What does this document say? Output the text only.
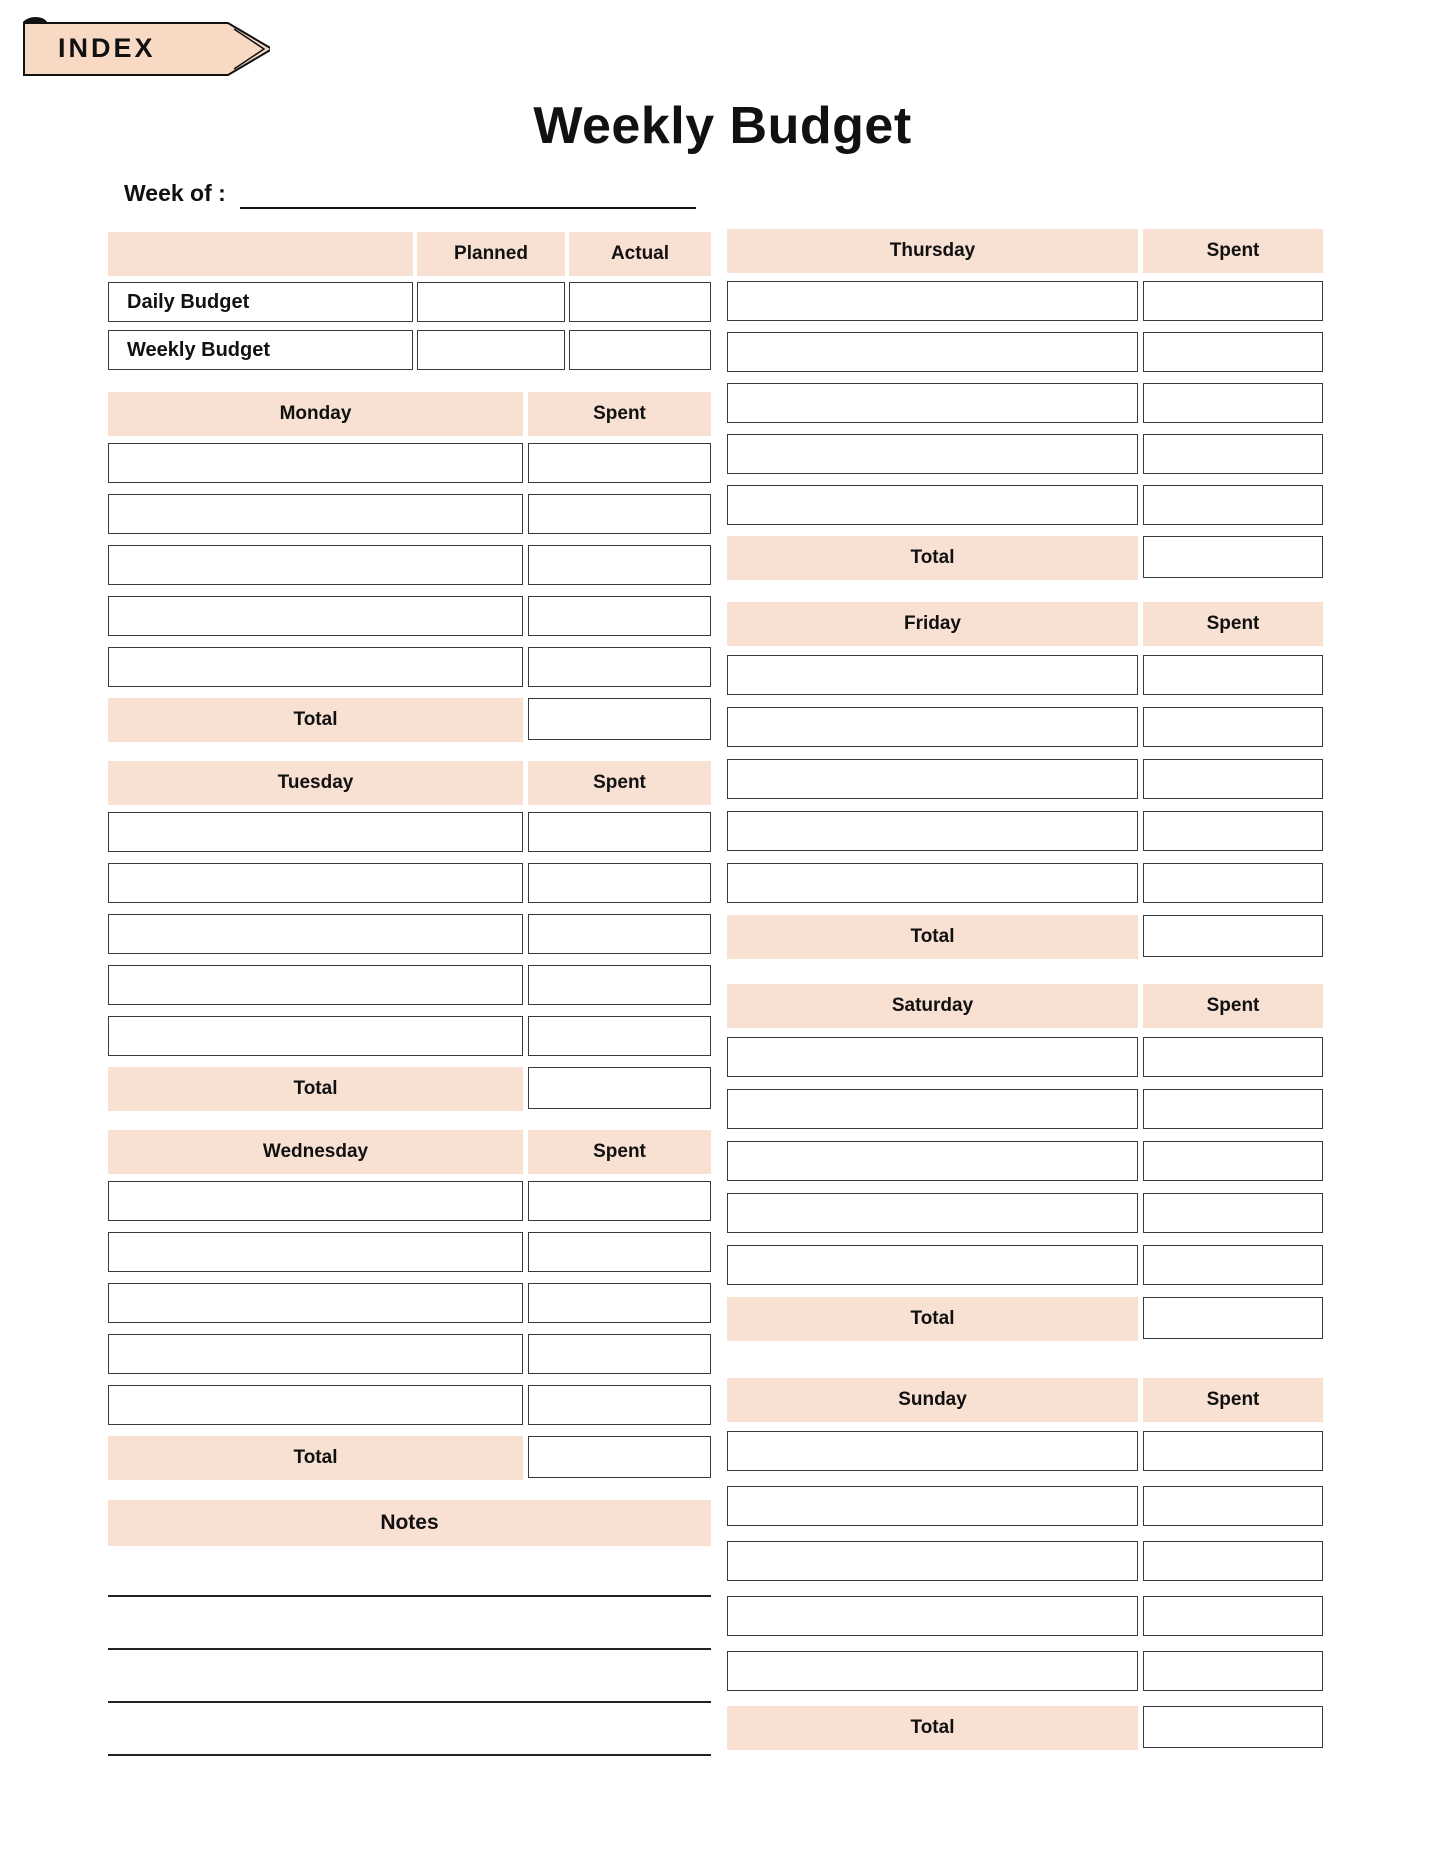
INDEX
Weekly Budget
Week of :
Planned	Actual
Daily Budget
Weekly Budget
Monday	Spent
Total
Tuesday	Spent
Total
Wednesday	Spent
Total
Notes
Thursday	Spent
Total
Friday	Spent
Total
Saturday	Spent
Total
Sunday	Spent
Total
